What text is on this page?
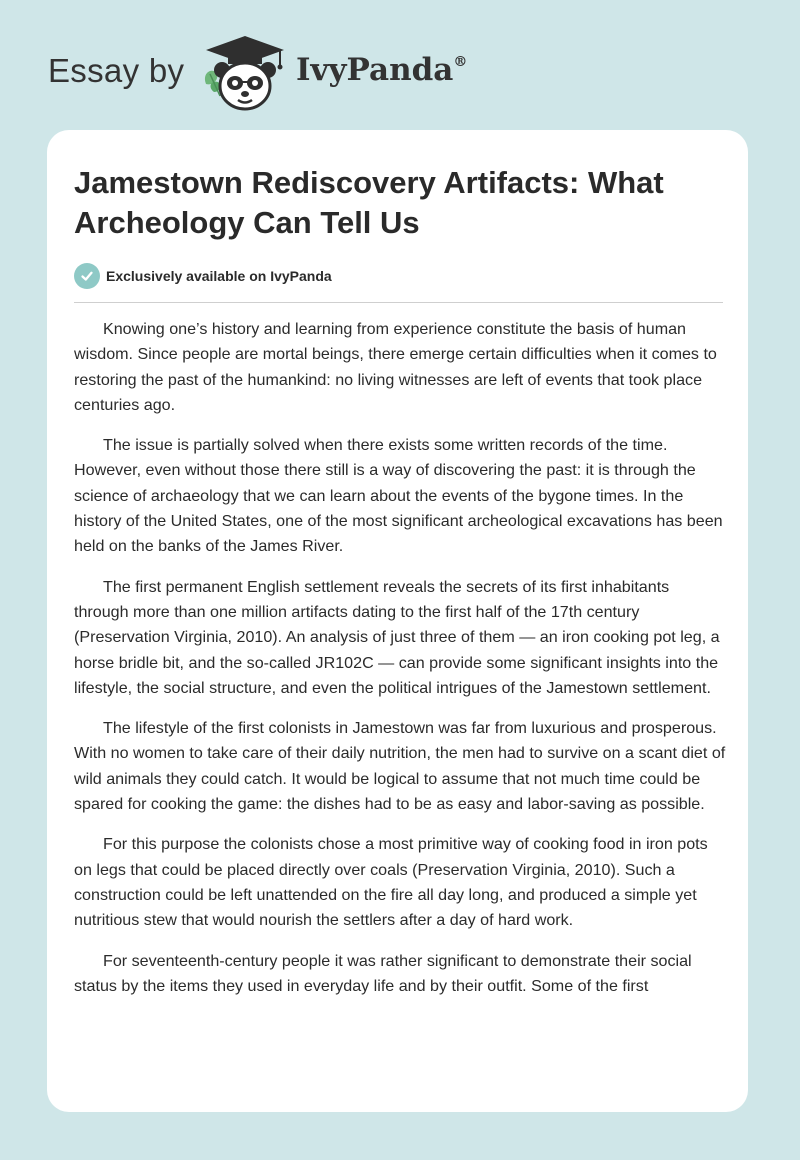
Essay by	IvyPanda®
Jamestown Rediscovery Artifacts: What Archeology Can Tell Us
Exclusively available on IvyPanda

Knowing one’s history and learning from experience constitute the basis of human wisdom. Since people are mortal beings, there emerge certain difficulties when it comes to restoring the past of the humankind: no living witnesses are left of events that took place centuries ago.

The issue is partially solved when there exists some written records of the time. However, even without those there still is a way of discovering the past: it is through the science of archaeology that we can learn about the events of the bygone times. In the history of the United States, one of the most significant archeological excavations has been held on the banks of the James River.

The first permanent English settlement reveals the secrets of its first inhabitants through more than one million artifacts dating to the first half of the 17th century (Preservation Virginia, 2010). An analysis of just three of them — an iron cooking pot leg, a horse bridle bit, and the so-called JR102C — can provide some significant insights into the lifestyle, the social structure, and even the political intrigues of the Jamestown settlement.

The lifestyle of the first colonists in Jamestown was far from luxurious and prosperous. With no women to take care of their daily nutrition, the men had to survive on a scant diet of wild animals they could catch. It would be logical to assume that not much time could be spared for cooking the game: the dishes had to be as easy and labor-saving as possible.

For this purpose the colonists chose a most primitive way of cooking food in iron pots on legs that could be placed directly over coals (Preservation Virginia, 2010). Such a construction could be left unattended on the fire all day long, and produced a simple yet nutritious stew that would nourish the settlers after a day of hard work.

For seventeenth-century people it was rather significant to demonstrate their social status by the items they used in everyday life and by their outfit. Some of the first
